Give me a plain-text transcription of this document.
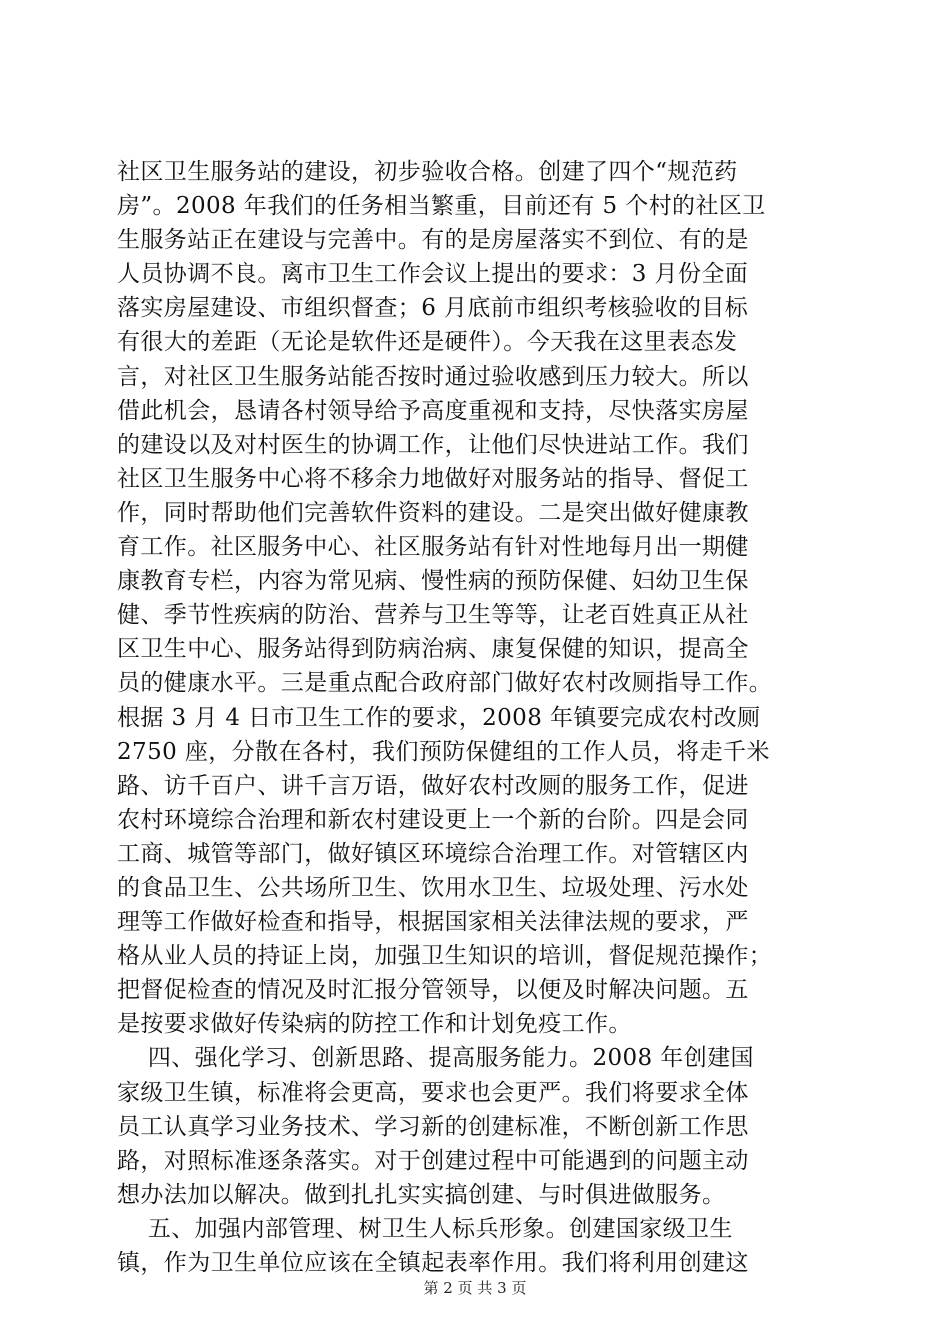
社区卫生服务站的建设，初步验收合格。创建了四个“规范药
房”。2008 年我们的任务相当繁重，目前还有 5 个村的社区卫
生服务站正在建设与完善中。有的是房屋落实不到位、有的是
人员协调不良。离市卫生工作会议上提出的要求：3 月份全面
落实房屋建设、市组织督查；6 月底前市组织考核验收的目标
有很大的差距（无论是软件还是硬件）。今天我在这里表态发
言，对社区卫生服务站能否按时通过验收感到压力较大。所以
借此机会，恳请各村领导给予高度重视和支持，尽快落实房屋
的建设以及对村医生的协调工作，让他们尽快进站工作。我们
社区卫生服务中心将不移余力地做好对服务站的指导、督促工
作，同时帮助他们完善软件资料的建设。二是突出做好健康教
育工作。社区服务中心、社区服务站有针对性地每月出一期健
康教育专栏，内容为常见病、慢性病的预防保健、妇幼卫生保
健、季节性疾病的防治、营养与卫生等等，让老百姓真正从社
区卫生中心、服务站得到防病治病、康复保健的知识，提高全
员的健康水平。三是重点配合政府部门做好农村改厕指导工作。
根据 3 月 4 日市卫生工作的要求，2008 年镇要完成农村改厕
2750 座，分散在各村，我们预防保健组的工作人员，将走千米
路、访千百户、讲千言万语，做好农村改厕的服务工作，促进
农村环境综合治理和新农村建设更上一个新的台阶。四是会同
工商、城管等部门，做好镇区环境综合治理工作。对管辖区内
的食品卫生、公共场所卫生、饮用水卫生、垃圾处理、污水处
理等工作做好检查和指导，根据国家相关法律法规的要求，严
格从业人员的持证上岗，加强卫生知识的培训，督促规范操作；
把督促检查的情况及时汇报分管领导，以便及时解决问题。五
是按要求做好传染病的防控工作和计划免疫工作。
四、强化学习、创新思路、提高服务能力。2008 年创建国
家级卫生镇，标准将会更高，要求也会更严。我们将要求全体
员工认真学习业务技术、学习新的创建标准，不断创新工作思
路，对照标准逐条落实。对于创建过程中可能遇到的问题主动
想办法加以解决。做到扎扎实实搞创建、与时俱进做服务。
五、加强内部管理、树卫生人标兵形象。创建国家级卫生
镇，作为卫生单位应该在全镇起表率作用。我们将利用创建这
第 2 页 共 3 页
